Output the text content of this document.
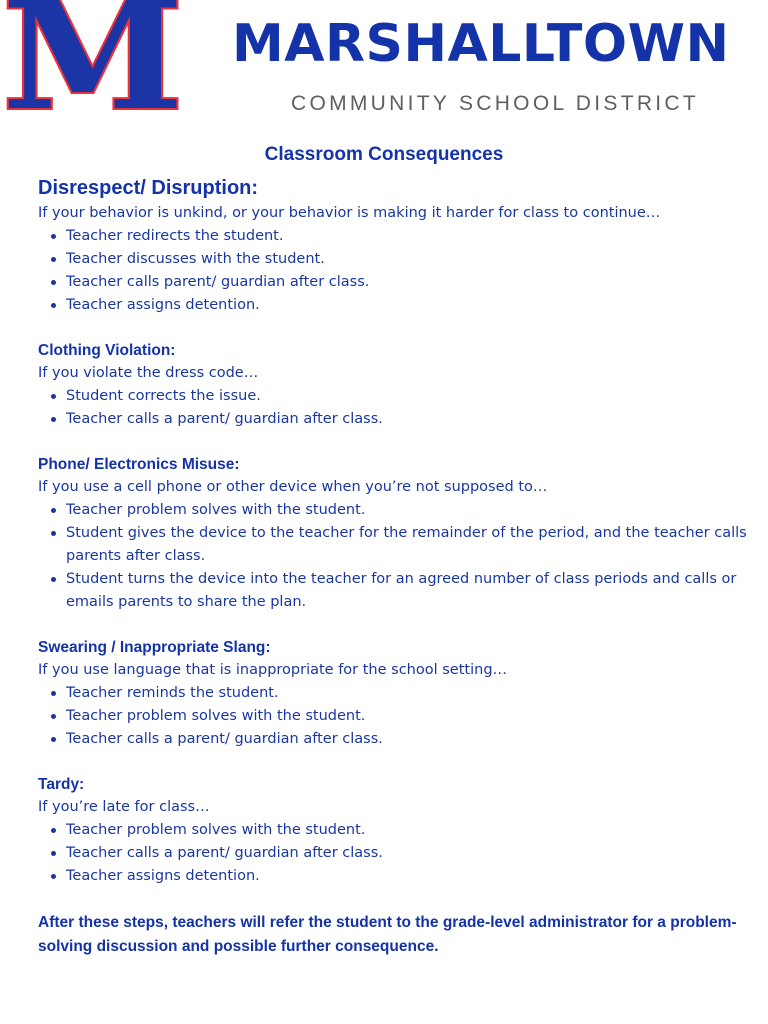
M MARSHALLTOWN
COMMUNITY SCHOOL DISTRICT
Classroom Consequences

Disrespect/ Disruption:

If your behavior is unkind, or your behavior is making it harder for class to continue…

Teacher redirects the student.
Teacher discusses with the student.
Teacher calls parent/ guardian after class.
Teacher assigns detention.

Clothing Violation:

If you violate the dress code…

Student corrects the issue.
Teacher calls a parent/ guardian after class.

Phone/ Electronics Misuse:

If you use a cell phone or other device when you’re not supposed to…

Teacher problem solves with the student.
Student gives the device to the teacher for the remainder of the period, and the teacher calls parents after class.
Student turns the device into the teacher for an agreed number of class periods and calls or emails parents to share the plan.

Swearing / Inappropriate Slang:

If you use language that is inappropriate for the school setting…

Teacher reminds the student.
Teacher problem solves with the student.
Teacher calls a parent/ guardian after class.

Tardy:

If you’re late for class…

Teacher problem solves with the student.
Teacher calls a parent/ guardian after class.
Teacher assigns detention.

After these steps, teachers will refer the student to the grade-level administrator for a problem-solving discussion and possible further consequence.
